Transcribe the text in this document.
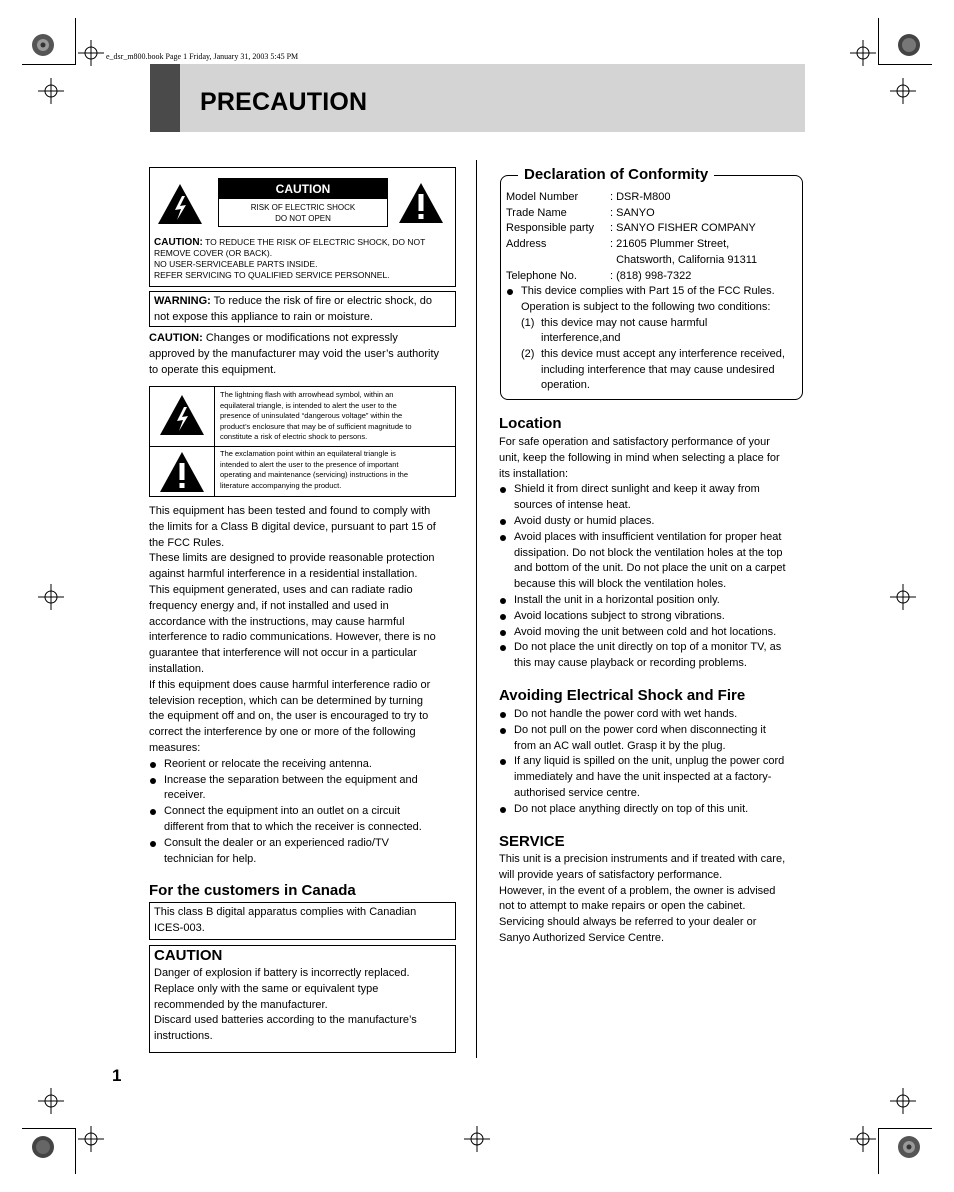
e_dsr_m800.book Page 1 Friday, January 31, 2003 5:45 PM
PRECAUTION
CAUTION
RISK OF ELECTRIC SHOCK
DO NOT OPEN
CAUTION: TO REDUCE THE RISK OF ELECTRIC SHOCK, DO NOT
REMOVE COVER (OR BACK).
NO USER-SERVICEABLE PARTS INSIDE.
REFER SERVICING TO QUALIFIED SERVICE PERSONNEL.
WARNING: To reduce the risk of fire or electric shock, do
not expose this appliance to rain or moisture.
CAUTION: Changes or modifications not expressly
approved by the manufacturer may void the user’s authority
to operate this equipment.
The lightning flash with arrowhead symbol, within an
equilateral triangle, is intended to alert the user to the
presence of uninsulated “dangerous voltage” within the
product’s enclosure that may be of sufficient magnitude to
constitute a risk of electric shock to persons.
The exclamation point within an equilateral triangle is
intended to alert the user to the presence of important
operating and maintenance (servicing) instructions in the
literature accompanying the product.
This equipment has been tested and found to comply with
the limits for a Class B digital device, pursuant to part 15 of
the FCC Rules.
These limits are designed to provide reasonable protection
against harmful interference in a residential installation.
This equipment generated, uses and can radiate radio
frequency energy and, if not installed and used in
accordance with the instructions, may cause harmful
interference to radio communications. However, there is no
guarantee that interference will not occur in a particular
installation.
If this equipment does cause harmful interference radio or
television reception, which can be determined by turning
the equipment off and on, the user is encouraged to try to
correct the interference by one or more of the following
measures:
Reorient or relocate the receiving antenna.
Increase the separation between the equipment and
receiver.
Connect the equipment into an outlet on a circuit
different from that to which the receiver is connected.
Consult the dealer or an experienced radio/TV
technician for help.
For the customers in Canada
This class B digital apparatus complies with Canadian
ICES-003.
CAUTION
Danger of explosion if battery is incorrectly replaced.
Replace only with the same or equivalent type
recommended by the manufacturer.
Discard used batteries according to the manufacture’s
instructions.
1
Declaration of Conformity
Model Number	: DSR-M800
Trade Name	: SANYO
Responsible party	: SANYO FISHER COMPANY
Address	: 21605 Plummer Street,
Chatsworth, California 91311
Telephone No.	: (818) 998-7322
This device complies with Part 15 of the FCC Rules.
Operation is subject to the following two conditions:
(1) this device may not cause harmful
interference,and
(2) this device must accept any interference received,
including interference that may cause undesired
operation.
Location
For safe operation and satisfactory performance of your
unit, keep the following in mind when selecting a place for
its installation:
Shield it from direct sunlight and keep it away from
sources of intense heat.
Avoid dusty or humid places.
Avoid places with insufficient ventilation for proper heat
dissipation. Do not block the ventilation holes at the top
and bottom of the unit. Do not place the unit on a carpet
because this will block the ventilation holes.
Install the unit in a horizontal position only.
Avoid locations subject to strong vibrations.
Avoid moving the unit between cold and hot locations.
Do not place the unit directly on top of a monitor TV, as
this may cause playback or recording problems.
Avoiding Electrical Shock and Fire
Do not handle the power cord with wet hands.
Do not pull on the power cord when disconnecting it
from an AC wall outlet. Grasp it by the plug.
If any liquid is spilled on the unit, unplug the power cord
immediately and have the unit inspected at a factory-
authorised service centre.
Do not place anything directly on top of this unit.
SERVICE
This unit is a precision instruments and if treated with care,
will provide years of satisfactory performance.
However, in the event of a problem, the owner is advised
not to attempt to make repairs or open the cabinet.
Servicing should always be referred to your dealer or
Sanyo Authorized Service Centre.
